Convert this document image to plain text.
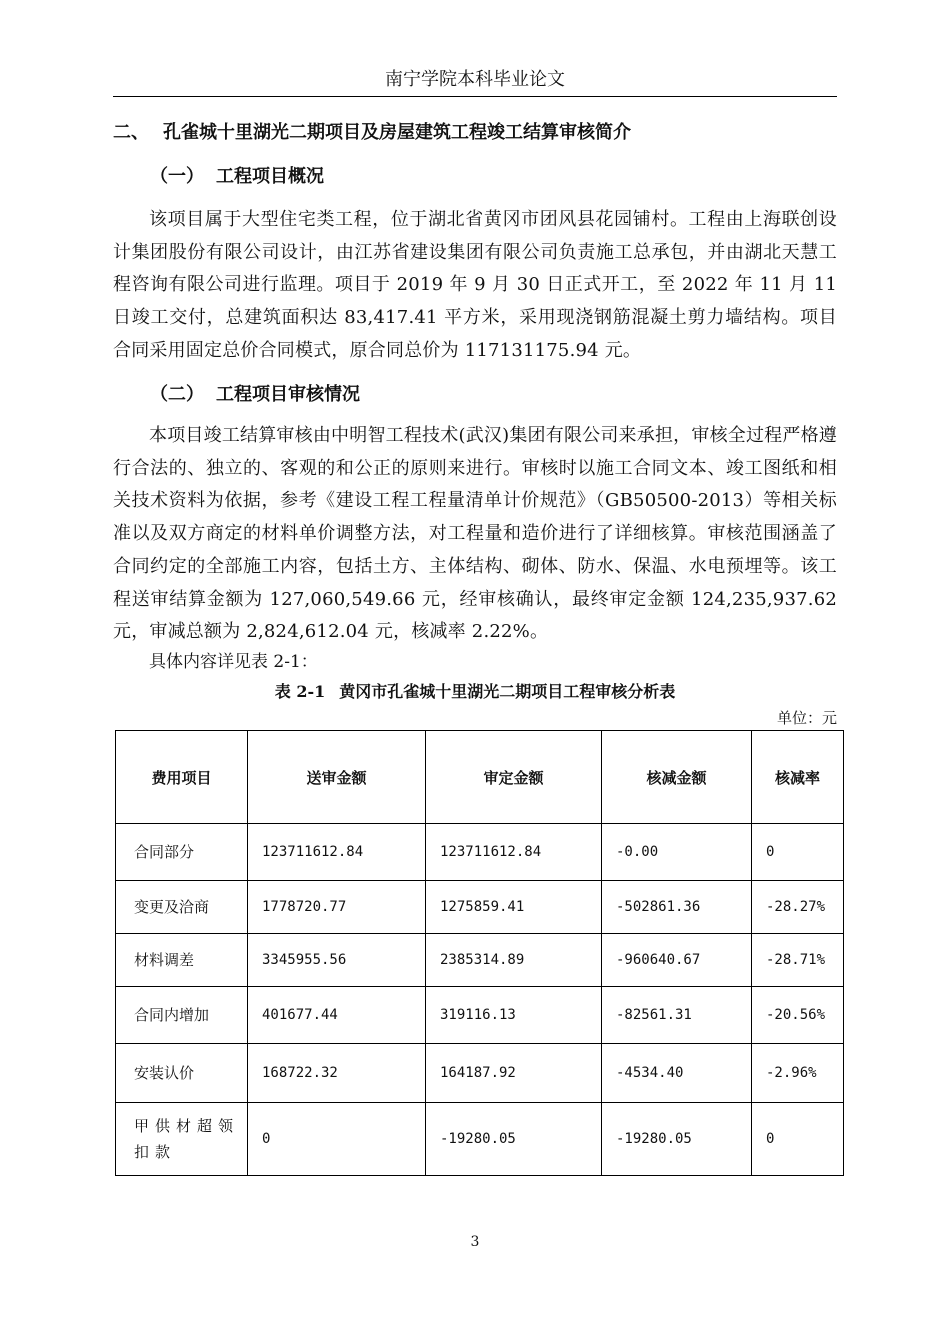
南宁学院本科毕业论文
二、 孔雀城十里湖光二期项目及房屋建筑工程竣工结算审核简介
（一） 工程项目概况
该项目属于大型住宅类工程，位于湖北省黄冈市团风县花园铺村。工程由上海联创设计集团股份有限公司设计，由江苏省建设集团有限公司负责施工总承包，并由湖北天慧工程咨询有限公司进行监理。项目于 2019 年 9 月 30 日正式开工，至 2022 年 11 月 11 日竣工交付，总建筑面积达 83,417.41 平方米，采用现浇钢筋混凝土剪力墙结构。项目合同采用固定总价合同模式，原合同总价为 117131175.94 元。
（二） 工程项目审核情况
本项目竣工结算审核由中明智工程技术(武汉)集团有限公司来承担，审核全过程严格遵行合法的、独立的、客观的和公正的原则来进行。审核时以施工合同文本、竣工图纸和相关技术资料为依据，参考《建设工程工程量清单计价规范》（GB50500-2013）等相关标准以及双方商定的材料单价调整方法，对工程量和造价进行了详细核算。审核范围涵盖了合同约定的全部施工内容，包括土方、主体结构、砌体、防水、保温、水电预埋等。该工程送审结算金额为 127,060,549.66 元，经审核确认，最终审定金额 124,235,937.62 元，审减总额为 2,824,612.04 元，核减率 2.22%。
具体内容详见表 2-1：
表 2-1 黄冈市孔雀城十里湖光二期项目工程审核分析表
单位：元
费用项目	送审金额	审定金额	核减金额	核减率
合同部分	123711612.84	123711612.84	-0.00	0
变更及洽商	1778720.77	1275859.41	-502861.36	-28.27%
材料调差	3345955.56	2385314.89	-960640.67	-28.71%
合同内增加	401677.44	319116.13	-82561.31	-20.56%
安装认价	168722.32	164187.92	-4534.40	-2.96%
甲供材超领扣款	0	-19280.05	-19280.05	0
3
